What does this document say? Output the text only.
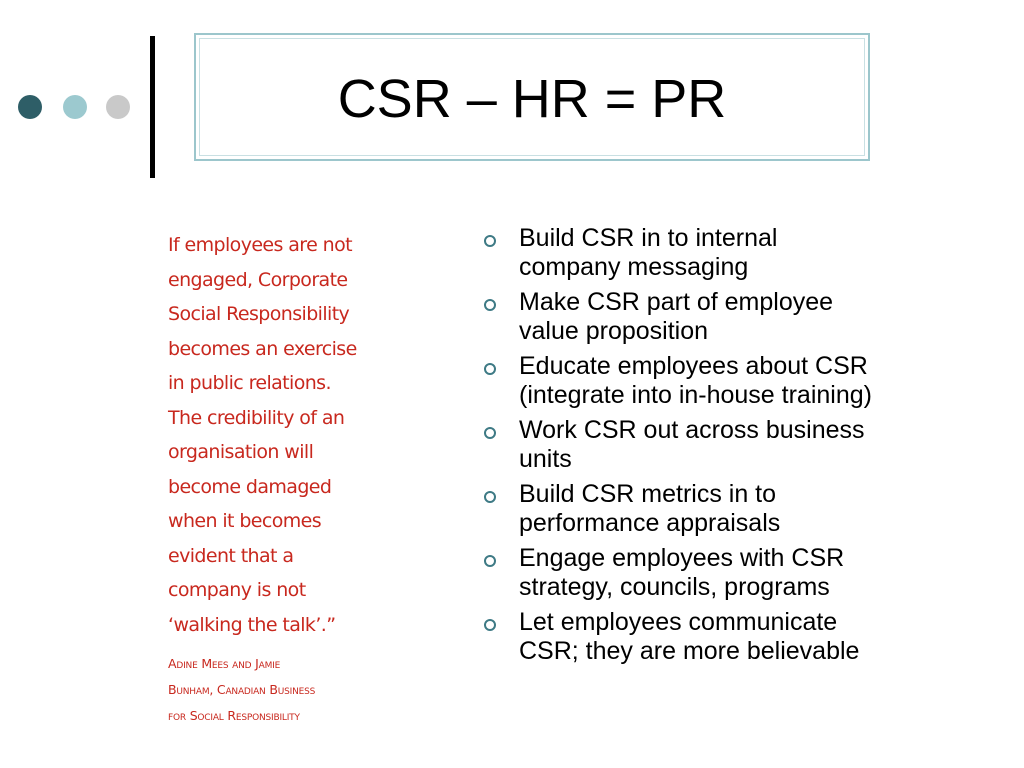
CSR – HR = PR
If employees are not
engaged, Corporate
Social Responsibility
becomes an exercise
in public relations.
The credibility of an
organisation will
become damaged
when it becomes
evident that a
company is not
‘walking the talk’.”
Adine Mees and Jamie
Bunham, Canadian Business
for Social Responsibility
Build CSR in to internal
company messaging
Make CSR part of employee
value proposition
Educate employees about CSR
(integrate into in-house training)
Work CSR out across business
units
Build CSR metrics in to
performance appraisals
Engage employees with CSR
strategy, councils, programs
Let employees communicate
CSR; they are more believable
